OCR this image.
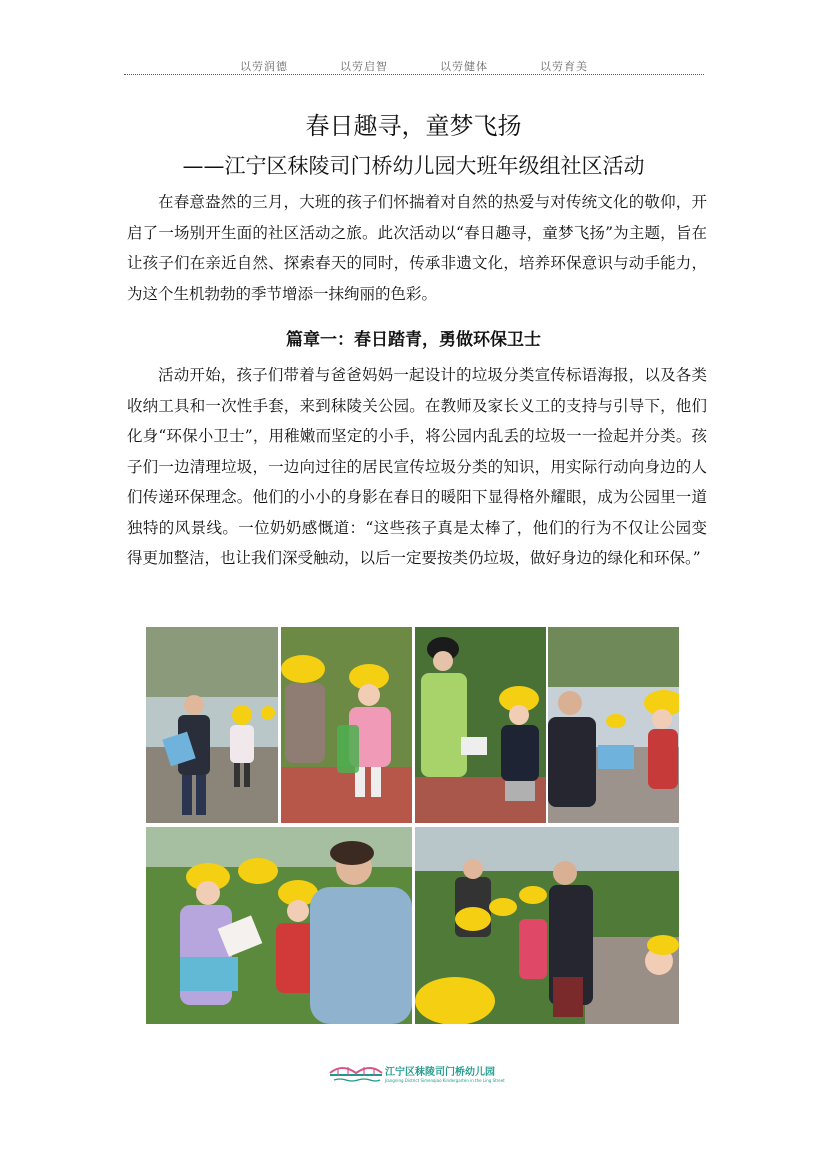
以劳润德	以劳启智	以劳健体	以劳育美
春日趣寻，童梦飞扬
——江宁区秣陵司门桥幼儿园大班年级组社区活动

在春意盎然的三月，大班的孩子们怀揣着对自然的热爱与对传统文化的敬仰，开启了一场别开生面的社区活动之旅。此次活动以“春日趣寻，童梦飞扬”为主题，旨在让孩子们在亲近自然、探索春天的同时，传承非遗文化，培养环保意识与动手能力，为这个生机勃勃的季节增添一抹绚丽的色彩。

篇章一：春日踏青，勇做环保卫士

活动开始，孩子们带着与爸爸妈妈一起设计的垃圾分类宣传标语海报，以及各类收纳工具和一次性手套，来到秣陵关公园。在教师及家长义工的支持与引导下，他们化身“环保小卫士”，用稚嫩而坚定的小手，将公园内乱丢的垃圾一一捡起并分类。孩子们一边清理垃圾，一边向过往的居民宣传垃圾分类的知识，用实际行动向身边的人们传递环保理念。他们的小小的身影在春日的暖阳下显得格外耀眼，成为公园里一道独特的风景线。一位奶奶感慨道：“这些孩子真是太棒了，他们的行为不仅让公园变得更加整洁，也让我们深受触动，以后一定要按类仍垃圾，做好身边的绿化和环保。”

江宁区秣陵司门桥幼儿园
Jiangning District Simenqiao Kindergarten in the Ling Street
